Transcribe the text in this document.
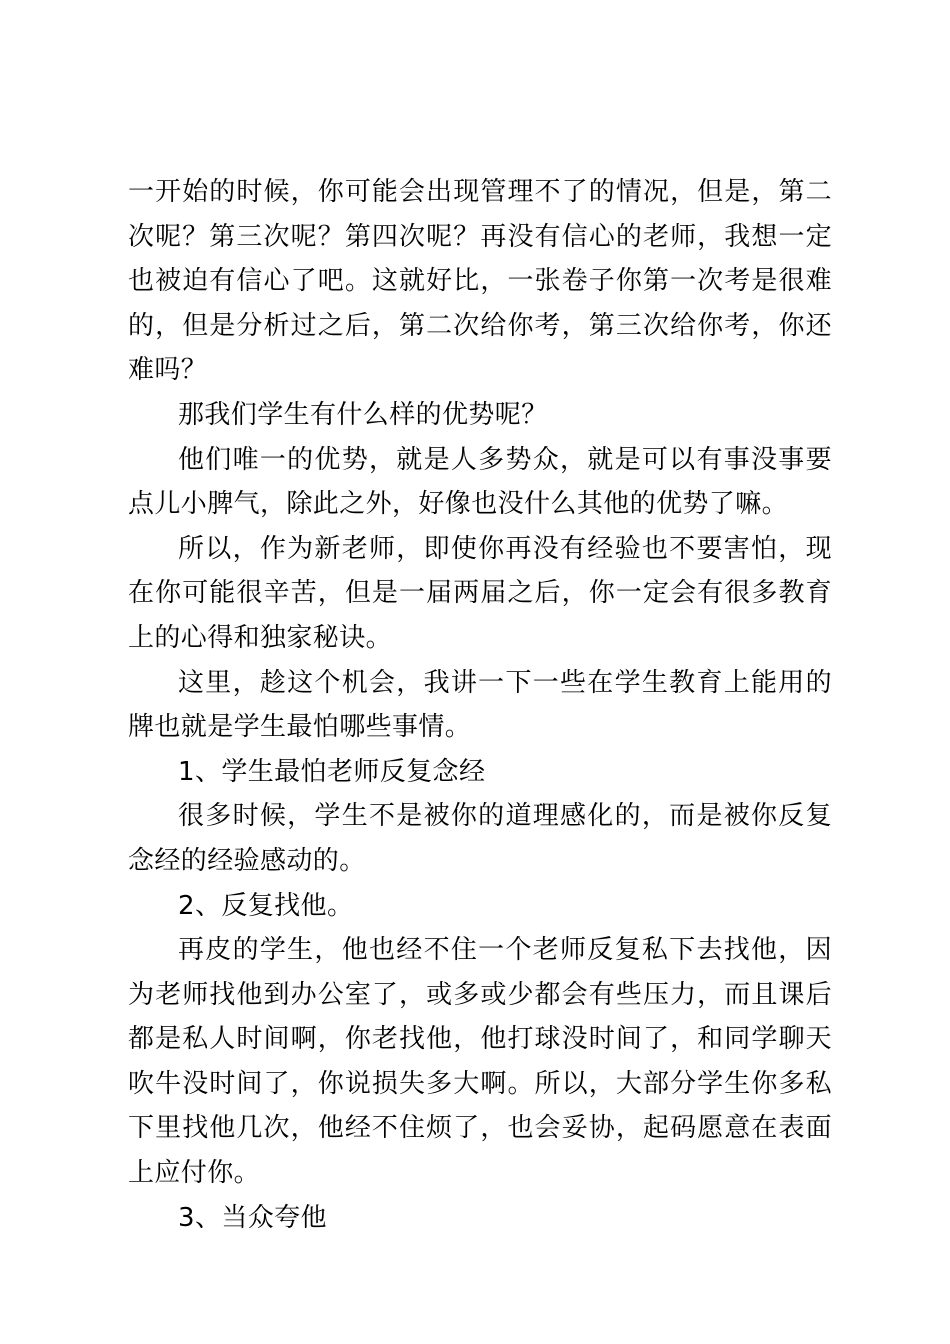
一开始的时候，你可能会出现管理不了的情况，但是，第二次呢？第三次呢？第四次呢？再没有信心的老师，我想一定也被迫有信心了吧。这就好比，一张卷子你第一次考是很难的，但是分析过之后，第二次给你考，第三次给你考，你还难吗？

那我们学生有什么样的优势呢？

他们唯一的优势，就是人多势众，就是可以有事没事要点儿小脾气，除此之外，好像也没什么其他的优势了嘛。

所以，作为新老师，即使你再没有经验也不要害怕，现在你可能很辛苦，但是一届两届之后，你一定会有很多教育上的心得和独家秘诀。

这里，趁这个机会，我讲一下一些在学生教育上能用的牌也就是学生最怕哪些事情。

1、学生最怕老师反复念经

很多时候，学生不是被你的道理感化的，而是被你反复念经的经验感动的。

2、反复找他。

再皮的学生，他也经不住一个老师反复私下去找他，因为老师找他到办公室了，或多或少都会有些压力，而且课后都是私人时间啊，你老找他，他打球没时间了，和同学聊天吹牛没时间了，你说损失多大啊。所以，大部分学生你多私下里找他几次，他经不住烦了，也会妥协，起码愿意在表面上应付你。

3、当众夸他
